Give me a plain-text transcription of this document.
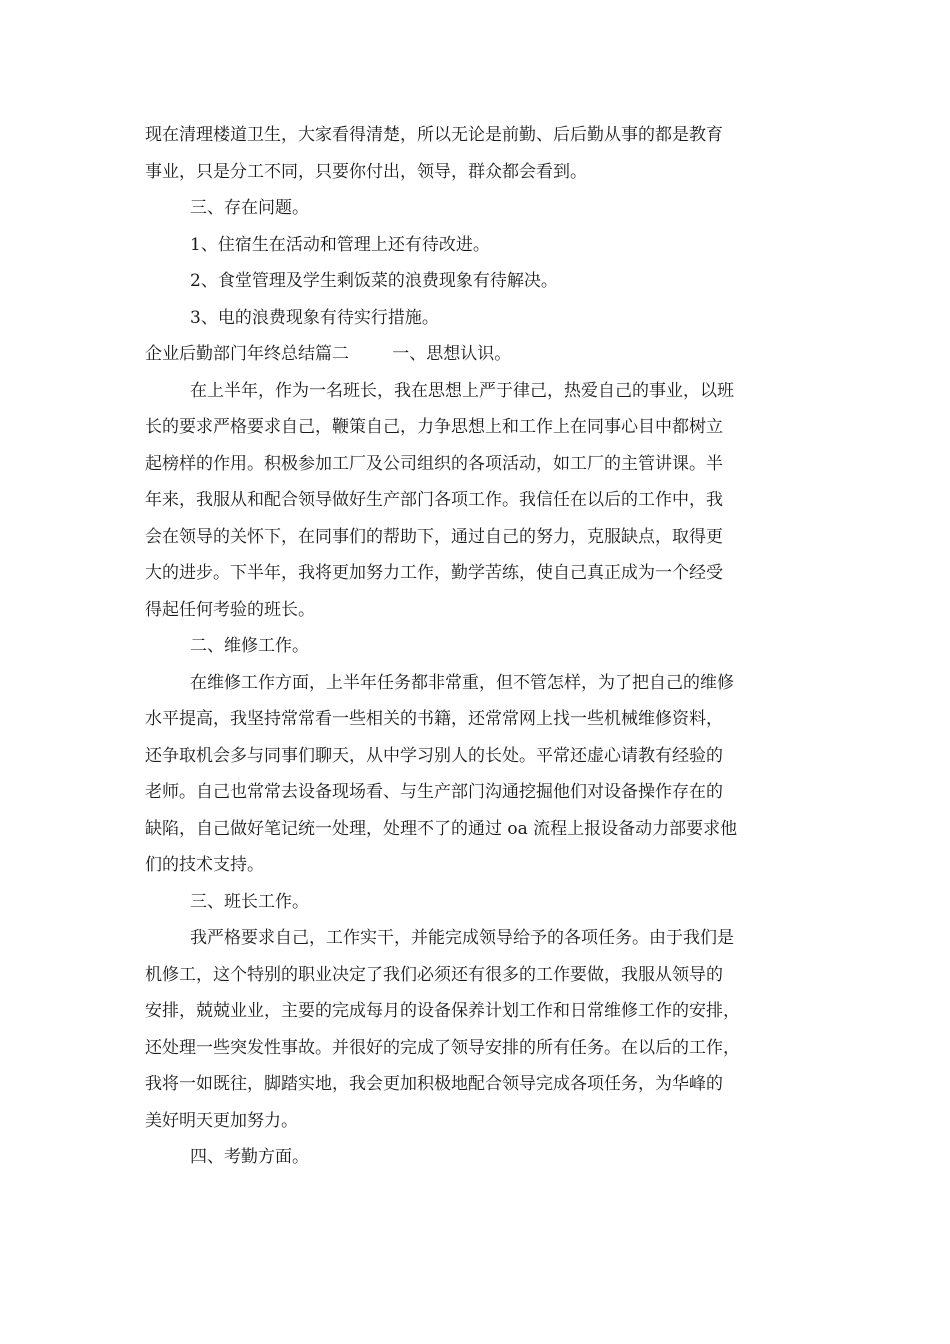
现在清理楼道卫生，大家看得清楚，所以无论是前勤、后后勤从事的都是教育
事业，只是分工不同，只要你付出，领导，群众都会看到。
三、存在问题。
1、住宿生在活动和管理上还有待改进。
2、食堂管理及学生剩饭菜的浪费现象有待解决。
3、电的浪费现象有待实行措施。
企业后勤部门年终总结篇二        一、思想认识。
在上半年，作为一名班长，我在思想上严于律己，热爱自己的事业，以班
长的要求严格要求自己，鞭策自己，力争思想上和工作上在同事心目中都树立
起榜样的作用。积极参加工厂及公司组织的各项活动，如工厂的主管讲课。半
年来，我服从和配合领导做好生产部门各项工作。我信任在以后的工作中，我
会在领导的关怀下，在同事们的帮助下，通过自己的努力，克服缺点，取得更
大的进步。下半年，我将更加努力工作，勤学苦练，使自己真正成为一个经受
得起任何考验的班长。
二、维修工作。
在维修工作方面，上半年任务都非常重，但不管怎样，为了把自己的维修
水平提高，我坚持常常看一些相关的书籍，还常常网上找一些机械维修资料，
还争取机会多与同事们聊天，从中学习别人的长处。平常还虚心请教有经验的
老师。自己也常常去设备现场看、与生产部门沟通挖掘他们对设备操作存在的
缺陷，自己做好笔记统一处理，处理不了的通过 oa 流程上报设备动力部要求他
们的技术支持。
三、班长工作。
我严格要求自己，工作实干，并能完成领导给予的各项任务。由于我们是
机修工，这个特别的职业决定了我们必须还有很多的工作要做，我服从领导的
安排，兢兢业业，主要的完成每月的设备保养计划工作和日常维修工作的安排，
还处理一些突发性事故。并很好的完成了领导安排的所有任务。在以后的工作，
我将一如既往，脚踏实地，我会更加积极地配合领导完成各项任务，为华峰的
美好明天更加努力。
四、考勤方面。
